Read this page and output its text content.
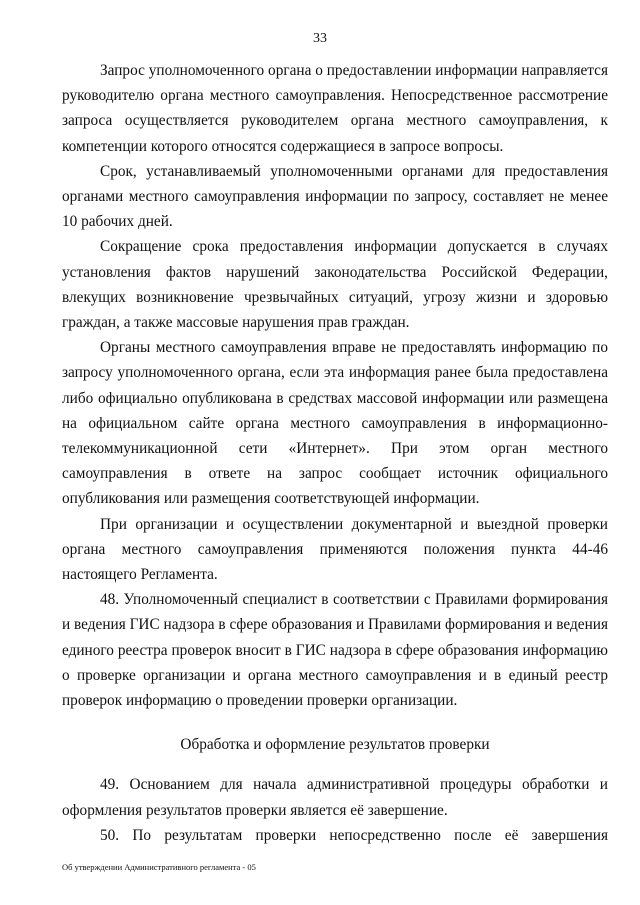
33

Запрос уполномоченного органа о предоставлении информации направляется руководителю органа местного самоуправления. Непосредственное рассмотрение запроса осуществляется руководителем органа местного самоуправления, к компетенции которого относятся содержащиеся в запросе вопросы.

Срок, устанавливаемый уполномоченными органами для предоставления органами местного самоуправления информации по запросу, составляет не менее 10 рабочих дней.

Сокращение срока предоставления информации допускается в случаях установления фактов нарушений законодательства Российской Федерации, влекущих возникновение чрезвычайных ситуаций, угрозу жизни и здоровью граждан, а также массовые нарушения прав граждан.

Органы местного самоуправления вправе не предоставлять информацию по запросу уполномоченного органа, если эта информация ранее была предоставлена либо официально опубликована в средствах массовой информации или размещена на официальном сайте органа местного самоуправления в информационно-телекоммуникационной сети «Интернет». При этом орган местного самоуправления в ответе на запрос сообщает источник официального опубликования или размещения соответствующей информации.

При организации и осуществлении документарной и выездной проверки органа местного самоуправления применяются положения пункта 44-46 настоящего Регламента.

48. Уполномоченный специалист в соответствии с Правилами формирования и ведения ГИС надзора в сфере образования и Правилами формирования и ведения единого реестра проверок вносит в ГИС надзора в сфере образования информацию о проверке организации и органа местного самоуправления и в единый реестр проверок информацию о проведении проверки организации.

Обработка и оформление результатов проверки

49. Основанием для начала административной процедуры обработки и оформления результатов проверки является её завершение.

50. По результатам проверки непосредственно после её завершения

Об утверждении Административного регламента - 05
